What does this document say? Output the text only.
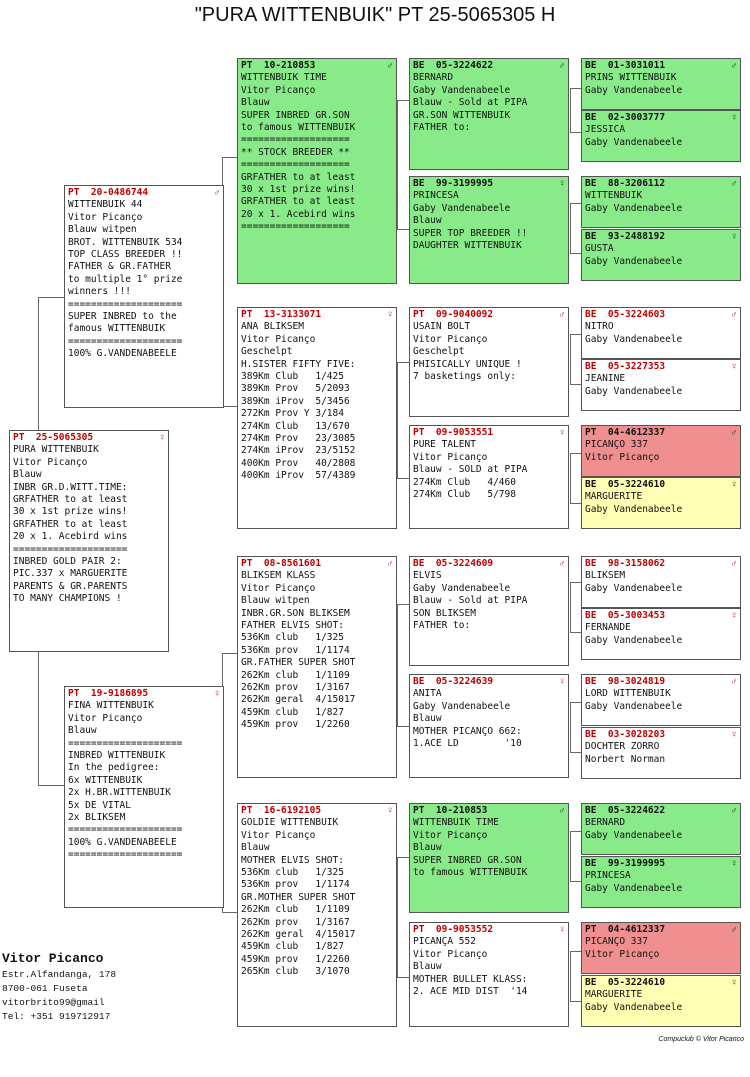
"PURA WITTENBUIK" PT 25-5065305 H
PT  25-5065305	♀
PURA WITTENBUIK
Vitor Picanço
Blauw
INBR GR.D.WITT.TIME:
GRFATHER to at least
30 x 1st prize wins!
GRFATHER to at least
20 x 1. Acebird wins
====================
INBRED GOLD PAIR 2:
PIC.337 x MARGUERITE
PARENTS & GR.PARENTS
TO MANY CHAMPIONS !
PT  20-0486744	♂
WITTENBUIK 44
Vitor Picanço
Blauw witpen
BROT. WITTENBUIK 534
TOP CLASS BREEDER !!
FATHER & GR.FATHER
to multiple 1° prize
winners !!!
====================
SUPER INBRED to the
famous WITTENBUIK
====================
100% G.VANDENABEELE
PT  19-9186895	♀
FINA WITTENBUIK
Vitor Picanço
Blauw
====================
INBRED WITTENBUIK
In the pedigree:
6x WITTENBUIK
2x H.BR.WITTENBUIK
5x DE VITAL
2x BLIKSEM
====================
100% G.VANDENABEELE
====================
PT  10-210853	♂
WITTENBUIK TIME
Vitor Picanço
Blauw
SUPER INBRED GR.SON
to famous WITTENBUIK
===================
** STOCK BREEDER **
===================
GRFATHER to at least
30 x 1st prize wins!
GRFATHER to at least
20 x 1. Acebird wins
===================
PT  13-3133071	♀
ANA BLIKSEM
Vitor Picanço
Geschelpt
H.SISTER FIFTY FIVE:
389Km Club   1/425
389Km Prov   5/2093
389Km iProv  5/3456
272Km Prov Y 3/184
274Km Club   13/670
274Km Prov   23/3085
274Km iProv  23/5152
400Km Prov   40/2808
400Km iProv  57/4389
PT  08-8561601	♂
BLIKSEM KLASS
Vitor Picanço
Blauw witpen
INBR.GR.SON BLIKSEM
FATHER ELVIS SHOT:
536Km club   1/325
536Km prov   1/1174
GR.FATHER SUPER SHOT
262Km club   1/1109
262Km prov   1/3167
262Km geral  4/15017
459Km club   1/827
459Km prov   1/2260
PT  16-6192105	♀
GOLDIE WITTENBUIK
Vitor Picanço
Blauw
MOTHER ELVIS SHOT:
536Km club   1/325
536Km prov   1/1174
GR.MOTHER SUPER SHOT
262Km club   1/1109
262Km prov   1/3167
262Km geral  4/15017
459Km club   1/827
459Km prov   1/2260
265Km club   3/1070
BE  05-3224622	♂
BERNARD
Gaby Vandenabeele
Blauw - Sold at PIPA
GR.SON WITTENBUIK
FATHER to:
BE  99-3199995	♀
PRINCESA
Gaby Vandenabeele
Blauw
SUPER TOP BREEDER !!
DAUGHTER WITTENBUIK
PT  09-9040092	♂
USAIN BOLT
Vitor Picanço
Geschelpt
PHISICALLY UNIQUE !
7 basketings only:
PT  09-9053551	♀
PURE TALENT
Vitor Picanço
Blauw - SOLD at PIPA
274Km Club   4/460
274Km Club   5/798
BE  05-3224609	♂
ELVIS
Gaby Vandenabeele
Blauw - Sold at PIPA
SON BLIKSEM
FATHER to:
BE  05-3224639	♀
ANITA
Gaby Vandenabeele
Blauw
MOTHER PICANÇO 662:
1.ACE LD        '10
PT  10-210853	♂
WITTENBUIK TIME
Vitor Picanço
Blauw
SUPER INBRED GR.SON
to famous WITTENBUIK
PT  09-9053552	♀
PICANÇA 552
Vitor Picanço
Blauw
MOTHER BULLET KLASS:
2. ACE MID DIST  '14
BE  01-3031011	♂
PRINS WITTENBUIK
Gaby Vandenabeele
BE  02-3003777	♀
JESSICA
Gaby Vandenabeele
BE  88-3206112	♂
WITTENBUIK
Gaby Vandenabeele
BE  93-2488192	♀
GUSTA
Gaby Vandenabeele
BE  05-3224603	♂
NITRO
Gaby Vandenabeele
BE  05-3227353	♀
JEANINE
Gaby Vandenabeele
PT  04-4612337	♂
PICANÇO 337
Vitor Picanço
BE  05-3224610	♀
MARGUERITE
Gaby Vandenabeele
BE  98-3158062	♂
BLIKSEM
Gaby Vandenabeele
BE  05-3003453	♀
FERNANDE
Gaby Vandenabeele
BE  98-3024819	♂
LORD WITTENBUIK
Gaby Vandenabeele
BE  03-3028203	♀
DOCHTER ZORRO
Norbert Norman
BE  05-3224622	♂
BERNARD
Gaby Vandenabeele
BE  99-3199995	♀
PRINCESA
Gaby Vandenabeele
PT  04-4612337	♂
PICANÇO 337
Vitor Picanço
BE  05-3224610	♀
MARGUERITE
Gaby Vandenabeele
Vitor Picanco
Estr.Alfandanga, 178
8700-061 Fuseta
vitorbrito99@gmail
Tel: +351 919712917
Compuclub © Vitor Picanco
